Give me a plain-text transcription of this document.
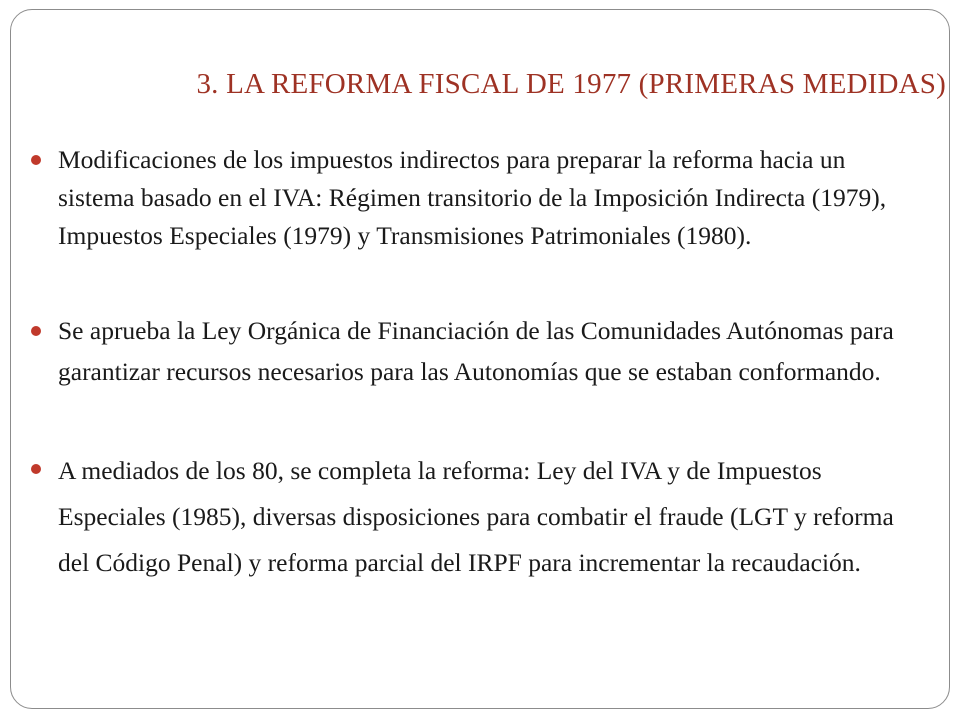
3. LA REFORMA FISCAL DE 1977 (PRIMERAS MEDIDAS)

Modificaciones de los impuestos indirectos para preparar la reforma hacia un sistema basado en el IVA: Régimen transitorio de la Imposición Indirecta (1979), Impuestos Especiales (1979) y Transmisiones Patrimoniales (1980).

Se aprueba la Ley Orgánica de Financiación de las Comunidades Autónomas para garantizar recursos necesarios para las Autonomías que se estaban conformando.

A mediados de los 80, se completa la reforma: Ley del IVA y de Impuestos Especiales (1985), diversas disposiciones para combatir el fraude (LGT y reforma del Código Penal) y reforma parcial del IRPF para incrementar la recaudación.
